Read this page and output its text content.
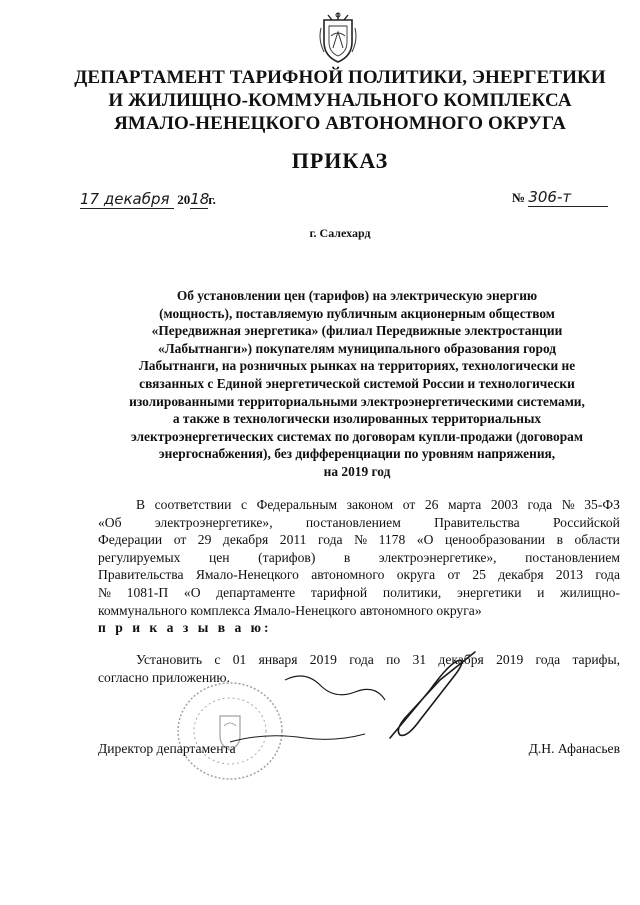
ДЕПАРТАМЕНТ ТАРИФНОЙ ПОЛИТИКИ, ЭНЕРГЕТИКИ
И ЖИЛИЩНО-КОММУНАЛЬНОГО КОМПЛЕКСА
ЯМАЛО-НЕНЕЦКОГО АВТОНОМНОГО ОКРУГА
ПРИКАЗ
17 декабря 2018г.	№ 306-т
г. Салехард
Об установлении цен (тарифов) на электрическую энергию
(мощность), поставляемую публичным акционерным обществом
«Передвижная энергетика» (филиал Передвижные электростанции
«Лабытнанги») покупателям муниципального образования город
Лабытнанги, на розничных рынках на территориях, технологически не
связанных с Единой энергетической системой России и технологически
изолированными территориальными электроэнергетическими системами,
а также в технологически изолированных территориальных
электроэнергетических системах по договорам купли-продажи (договорам
энергоснабжения), без дифференциации по уровням напряжения,
на 2019 год
В соответствии с Федеральным законом от 26 марта 2003 года № 35-ФЗ
«Об электроэнергетике», постановлением Правительства Российской
Федерации от 29 декабря 2011 года № 1178 «О ценообразовании в области
регулируемых цен (тарифов) в электроэнергетике», постановлением
Правительства Ямало-Ненецкого автономного округа от 25 декабря 2013 года
№ 1081-П «О департаменте тарифной политики, энергетики и жилищно-
коммунального комплекса Ямало-Ненецкого автономного округа»
п р и к а з ы в а ю:
Установить с 01 января 2019 года по 31 декабря 2019 года тарифы,
согласно приложению.
Директор департамента	Д.Н. Афанасьев
